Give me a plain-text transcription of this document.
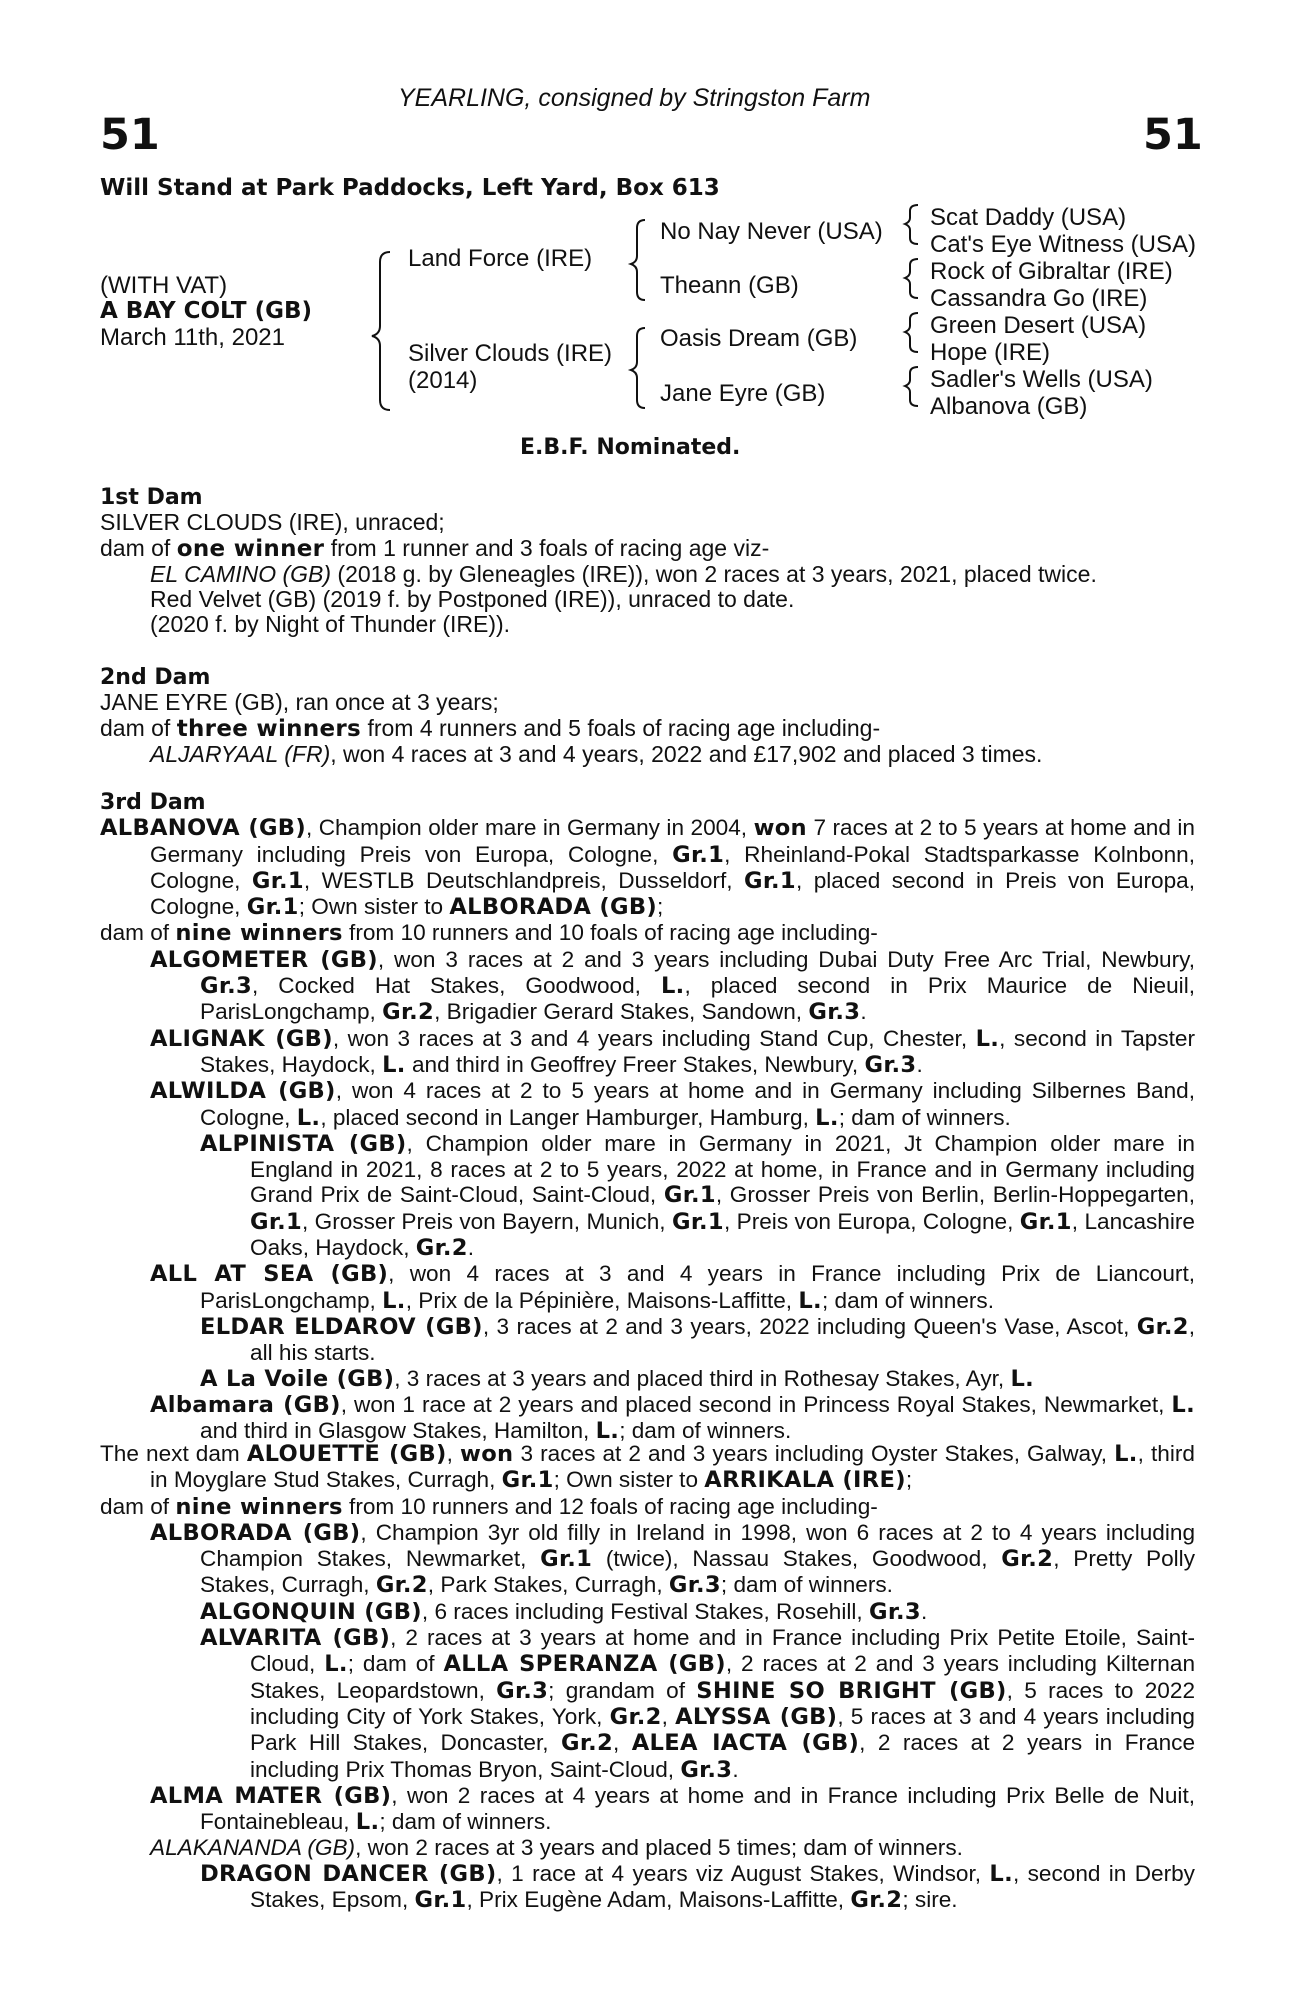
YEARLING, consigned by Stringston Farm
51	51
Will Stand at Park Paddocks, Left Yard, Box 613
(WITH VAT)
A BAY COLT (GB)
March 11th, 2021
Land Force (IRE)
Silver Clouds (IRE)
(2014)
No Nay Never (USA)
Theann (GB)
Oasis Dream (GB)
Jane Eyre (GB)
Scat Daddy (USA)
Cat's Eye Witness (USA)
Rock of Gibraltar (IRE)
Cassandra Go (IRE)
Green Desert (USA)
Hope (IRE)
Sadler's Wells (USA)
Albanova (GB)
E.B.F. Nominated.
1st Dam
SILVER CLOUDS (IRE), unraced;
dam of one winner from 1 runner and 3 foals of racing age viz-
EL CAMINO (GB) (2018 g. by Gleneagles (IRE)), won 2 races at 3 years, 2021, placed twice.
Red Velvet (GB) (2019 f. by Postponed (IRE)), unraced to date.
(2020 f. by Night of Thunder (IRE)).
2nd Dam
JANE EYRE (GB), ran once at 3 years;
dam of three winners from 4 runners and 5 foals of racing age including-
ALJARYAAL (FR), won 4 races at 3 and 4 years, 2022 and £17,902 and placed 3 times.
3rd Dam
ALBANOVA (GB), Champion older mare in Germany in 2004, won 7 races at 2 to 5 years at home and in Germany including Preis von Europa, Cologne, Gr.1, Rheinland-Pokal Stadtsparkasse Kolnbonn, Cologne, Gr.1, WESTLB Deutschlandpreis, Dusseldorf, Gr.1, placed second in Preis von Europa, Cologne, Gr.1; Own sister to ALBORADA (GB);
dam of nine winners from 10 runners and 10 foals of racing age including-
ALGOMETER (GB), won 3 races at 2 and 3 years including Dubai Duty Free Arc Trial, Newbury, Gr.3, Cocked Hat Stakes, Goodwood, L., placed second in Prix Maurice de Nieuil, ParisLongchamp, Gr.2, Brigadier Gerard Stakes, Sandown, Gr.3.
ALIGNAK (GB), won 3 races at 3 and 4 years including Stand Cup, Chester, L., second in Tapster Stakes, Haydock, L. and third in Geoffrey Freer Stakes, Newbury, Gr.3.
ALWILDA (GB), won 4 races at 2 to 5 years at home and in Germany including Silbernes Band, Cologne, L., placed second in Langer Hamburger, Hamburg, L.; dam of winners.
ALPINISTA (GB), Champion older mare in Germany in 2021, Jt Champion older mare in England in 2021, 8 races at 2 to 5 years, 2022 at home, in France and in Germany including Grand Prix de Saint-Cloud, Saint-Cloud, Gr.1, Grosser Preis von Berlin, Berlin-Hoppegarten, Gr.1, Grosser Preis von Bayern, Munich, Gr.1, Preis von Europa, Cologne, Gr.1, Lancashire Oaks, Haydock, Gr.2.
ALL AT SEA (GB), won 4 races at 3 and 4 years in France including Prix de Liancourt, ParisLongchamp, L., Prix de la Pépinière, Maisons-Laffitte, L.; dam of winners.
ELDAR ELDAROV (GB), 3 races at 2 and 3 years, 2022 including Queen's Vase, Ascot, Gr.2, all his starts.
A La Voile (GB), 3 races at 3 years and placed third in Rothesay Stakes, Ayr, L.
Albamara (GB), won 1 race at 2 years and placed second in Princess Royal Stakes, Newmarket, L. and third in Glasgow Stakes, Hamilton, L.; dam of winners.
The next dam ALOUETTE (GB), won 3 races at 2 and 3 years including Oyster Stakes, Galway, L., third in Moyglare Stud Stakes, Curragh, Gr.1; Own sister to ARRIKALA (IRE);
dam of nine winners from 10 runners and 12 foals of racing age including-
ALBORADA (GB), Champion 3yr old filly in Ireland in 1998, won 6 races at 2 to 4 years including Champion Stakes, Newmarket, Gr.1 (twice), Nassau Stakes, Goodwood, Gr.2, Pretty Polly Stakes, Curragh, Gr.2, Park Stakes, Curragh, Gr.3; dam of winners.
ALGONQUIN (GB), 6 races including Festival Stakes, Rosehill, Gr.3.
ALVARITA (GB), 2 races at 3 years at home and in France including Prix Petite Etoile, Saint-Cloud, L.; dam of ALLA SPERANZA (GB), 2 races at 2 and 3 years including Kilternan Stakes, Leopardstown, Gr.3; grandam of SHINE SO BRIGHT (GB), 5 races to 2022 including City of York Stakes, York, Gr.2, ALYSSA (GB), 5 races at 3 and 4 years including Park Hill Stakes, Doncaster, Gr.2, ALEA IACTA (GB), 2 races at 2 years in France including Prix Thomas Bryon, Saint-Cloud, Gr.3.
ALMA MATER (GB), won 2 races at 4 years at home and in France including Prix Belle de Nuit, Fontainebleau, L.; dam of winners.
ALAKANANDA (GB), won 2 races at 3 years and placed 5 times; dam of winners.
DRAGON DANCER (GB), 1 race at 4 years viz August Stakes, Windsor, L., second in Derby Stakes, Epsom, Gr.1, Prix Eugène Adam, Maisons-Laffitte, Gr.2; sire.
